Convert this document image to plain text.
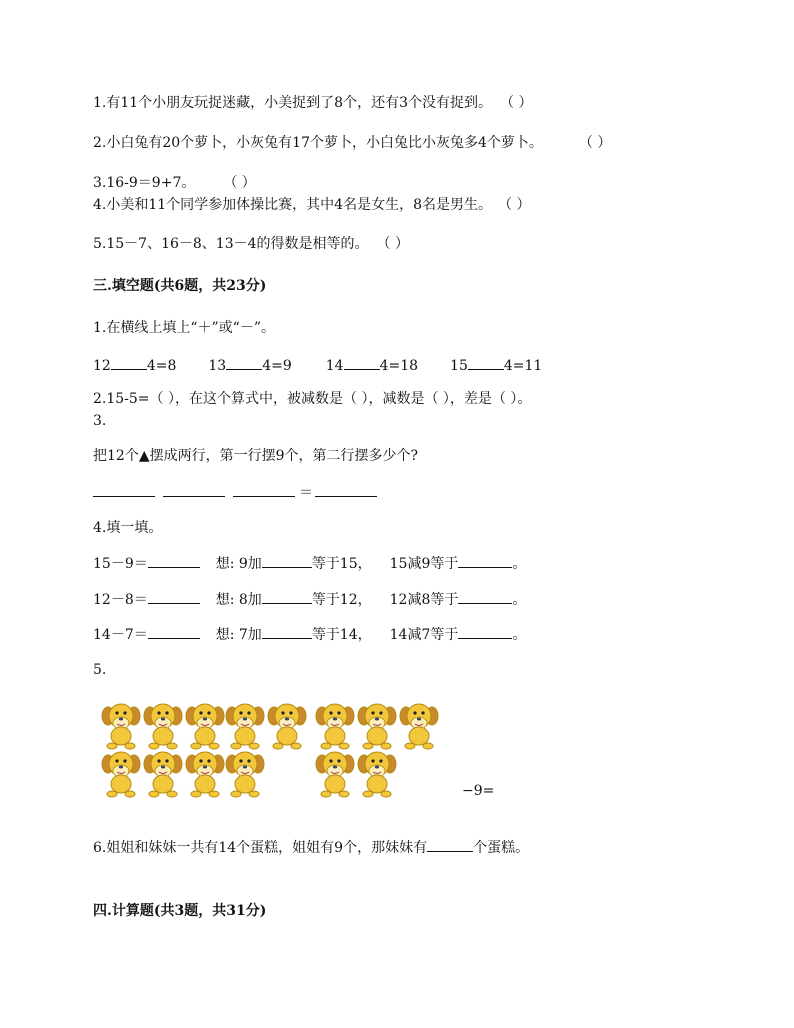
1.有11个小朋友玩捉迷藏，小美捉到了8个，还有3个没有捉到。 （ ）
2.小白兔有20个萝卜，小灰兔有17个萝卜，小白兔比小灰兔多4个萝卜。	（ ）
3.16-9＝9+7。 （ ）
4.小美和11个同学参加体操比赛，其中4名是女生，8名是男生。 （ ）
5.15－7、16－8、13－4的得数是相等的。 （ ）
三.填空题(共6题，共23分)
1.在横线上填上“＋”或“－”。
12	4=8 13	4=9 14	4=18 15	4=11
2.15-5=（ ），在这个算式中，被减数是（ ），减数是（ ），差是（ ）。
3.
把12个▲摆成两行，第一行摆9个，第二行摆多少个?
＝
4.填一填。
15－9＝	想: 9加	等于15， 15减9等于	。
12－8＝	想: 8加	等于12， 12减8等于	。
14－7＝	想: 7加	等于14， 14减7等于	。
5.
−9=
6.姐姐和妹妹一共有14个蛋糕，姐姐有9个，那妹妹有	个蛋糕。
四.计算题(共3题，共31分)
